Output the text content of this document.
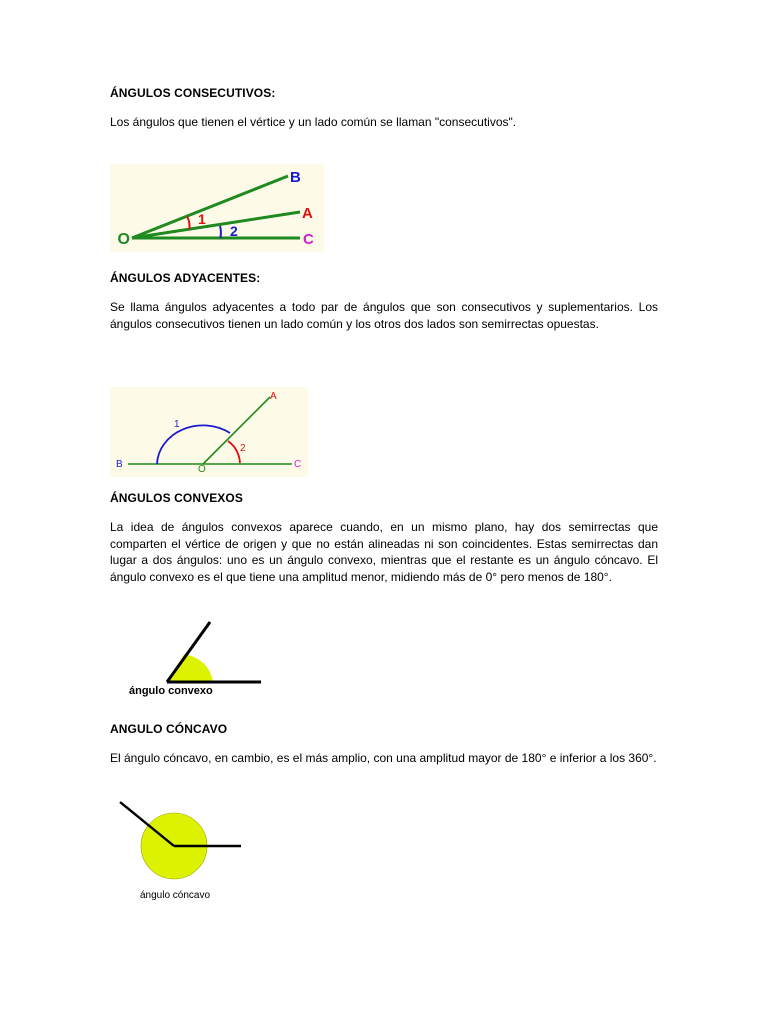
ÁNGULOS CONSECUTIVOS:

Los ángulos que tienen el vértice y un lado común se llaman "consecutivos".

O
B
A
C
1
2
ÁNGULOS ADYACENTES:

Se llama ángulos adyacentes a todo par de ángulos que son consecutivos y suplementarios. Los ángulos consecutivos tienen un lado común y los otros dos lados son semirrectas opuestas.

B	O	C
A
1
2
ÁNGULOS CONVEXOS

La idea de ángulos convexos aparece cuando, en un mismo plano, hay dos semirrectas que comparten el vértice de origen y que no están alineadas ni son coincidentes. Estas semirrectas dan lugar a dos ángulos: uno es un ángulo convexo, mientras que el restante es un ángulo cóncavo. El ángulo convexo es el que tiene una amplitud menor, midiendo más de 0° pero menos de 180°.

ángulo convexo
ANGULO CÓNCAVO

El ángulo cóncavo, en cambio, es el más amplio, con una amplitud mayor de 180° e inferior a los 360°.

ángulo cóncavo
